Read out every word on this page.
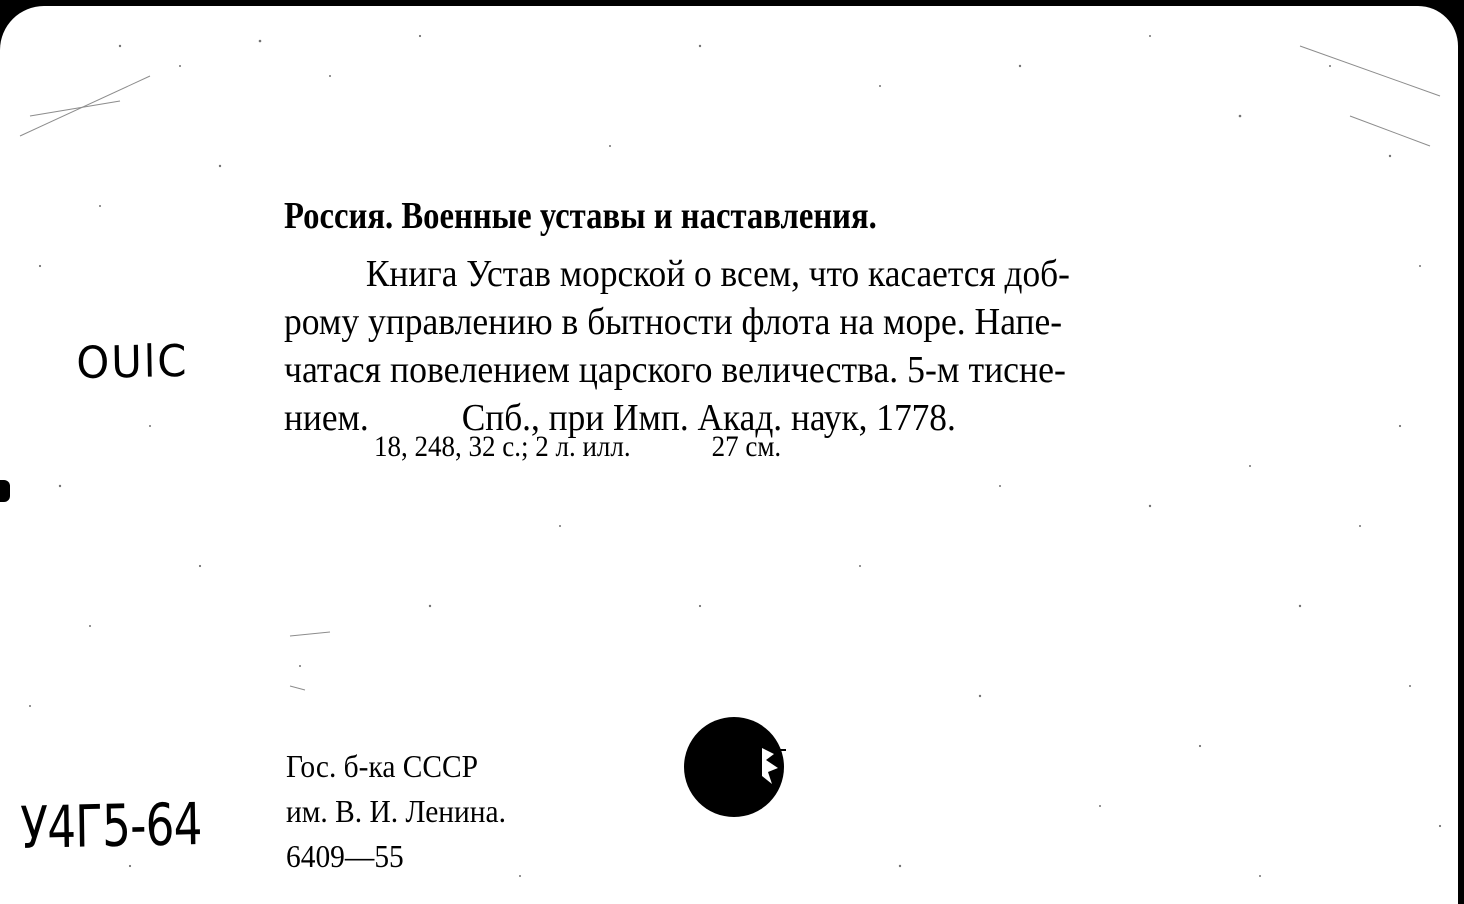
Россия. Военные уставы и наставления.
Книга Устав морской о всем, что касается доб-
рому управлению в бытности флота на море. Напе-
чатася повелением царского величества. 5-м тисне-
нием. Спб., при Имп. Акад. наук, 1778.
18, 248, 32 с.; 2 л. илл.	27 см.
Гос. б-ка СССР
им. В. И. Ленина.
6409—55
OUlC
У4Г5-64
